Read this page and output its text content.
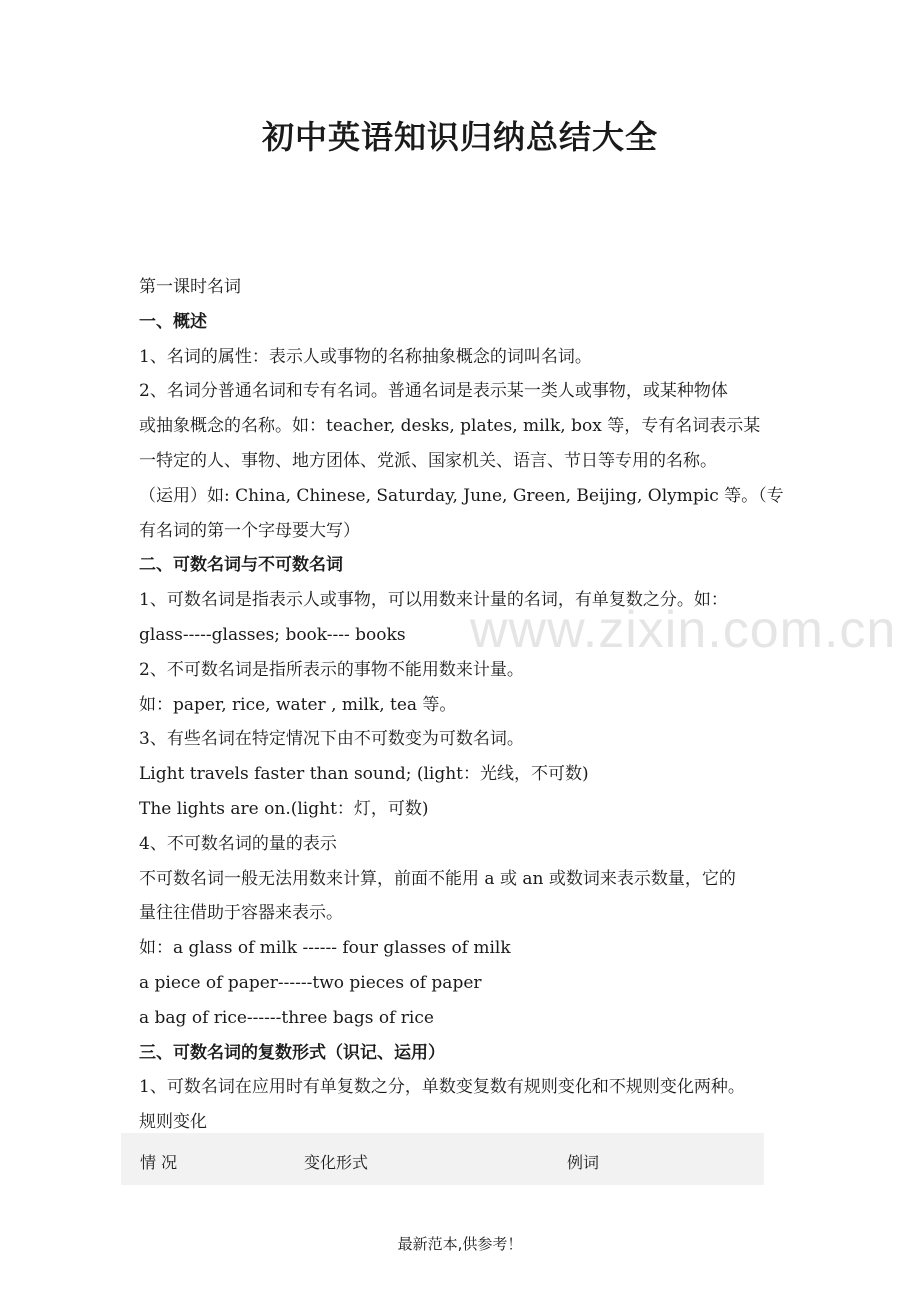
初中英语知识归纳总结大全
www.zixin.com.cn
第一课时名词
一、概述
1、名词的属性：表示人或事物的名称抽象概念的词叫名词。
2、名词分普通名词和专有名词。普通名词是表示某一类人或事物，或某种物体
或抽象概念的名称。如：teacher, desks, plates, milk, box 等，专有名词表示某
一特定的人、事物、地方团体、党派、国家机关、语言、节日等专用的名称。
（运用）如: China, Chinese, Saturday, June, Green, Beijing, Olympic 等。（专
有名词的第一个字母要大写）
二、可数名词与不可数名词
1、可数名词是指表示人或事物，可以用数来计量的名词，有单复数之分。如：
glass-----glasses; book---- books
2、不可数名词是指所表示的事物不能用数来计量。
如：paper, rice, water , milk, tea 等。
3、有些名词在特定情况下由不可数变为可数名词。
Light travels faster than sound; (light：光线，不可数)
The lights are on.(light：灯，可数)
4、不可数名词的量的表示
不可数名词一般无法用数来计算，前面不能用 a 或 an 或数词来表示数量，它的
量往往借助于容器来表示。
如：a glass of milk ------ four glasses of milk
a piece of paper------two pieces of paper
a bag of rice------three bags of rice
三、可数名词的复数形式（识记、运用）
1、可数名词在应用时有单复数之分，单数变复数有规则变化和不规则变化两种。
规则变化
情 况	变化形式	例词
最新范本,供参考！
